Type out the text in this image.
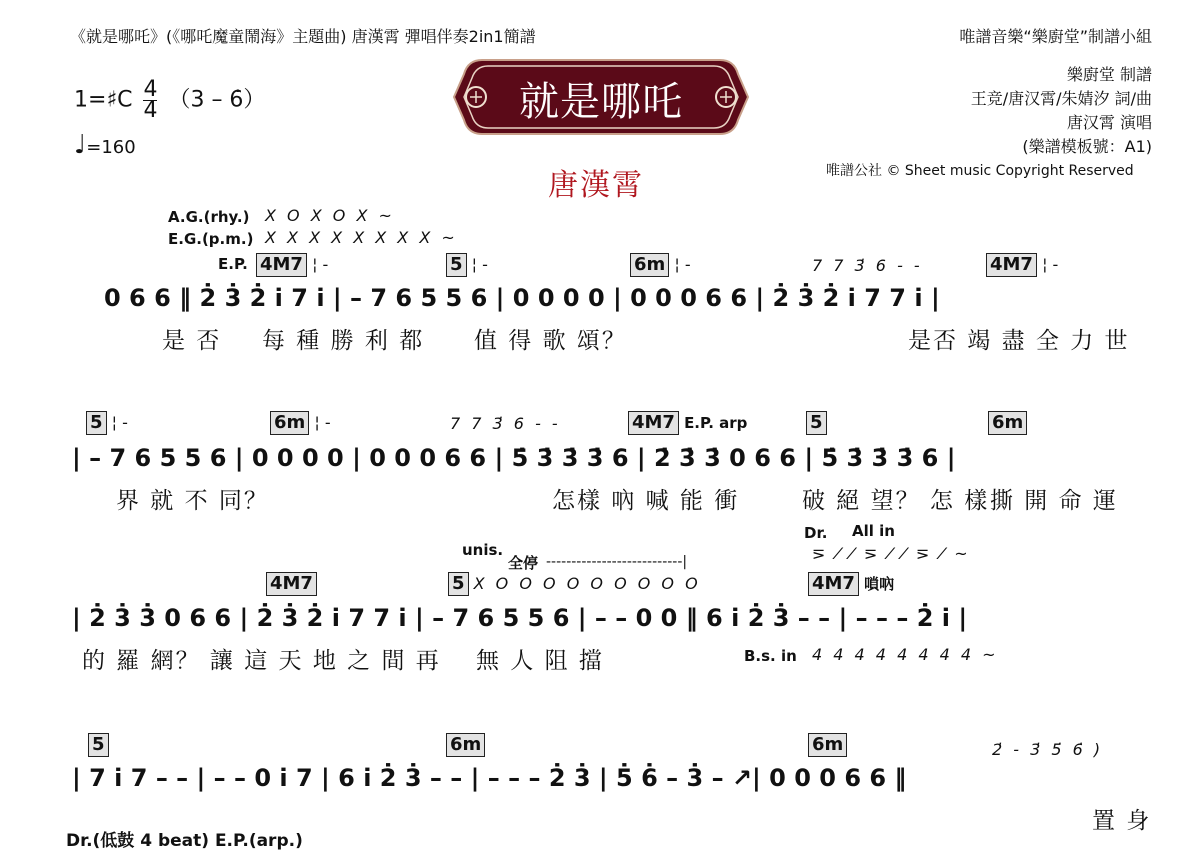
《就是哪吒》(《哪吒魔童鬧海》主題曲) 唐漢霄 彈唱伴奏2in1簡譜	唯譜音樂“樂廚堂”制譜小組
就是哪吒
樂廚堂 制譜
王竞/唐汉霄/朱婧汐 詞/曲
唐汉霄 演唱
(樂譜模板號：A1)
唯譜公社 © Sheet music Copyright Reserved
唐漢霄
1=♯C $\frac{4}{4} (3$ – 6̇）
♩=160
A.G.(rhy.) X O X O X ~
E.G.(p.m.) X X X X X X X X ~
E.P. 4M7 ¦ -	5 ¦ -	6m ¦ -	7 7 3̇ 6 - -	4M7 ¦ -
0 6 6 ‖ 2̇ 3̇ 2̇ i̇ 7 i̇ | – 7 6 5 5 6 | 0 0 0 0 | 0 0 0 6 6 | 2̇ 3̇ 2̇ i̇ 7 7 i̇ |
是 否 每 種 勝 利 都 值 得 歌 頌？	是否 竭 盡 全 力 世
5 ¦ -	6m ¦ -	7 7 3̇ 6 - -	4M7 E.P. arp	5	6m
| – 7 6 5 5 6 | 0 0 0 0 | 0 0 0 6 6 | 5̇ 3̇ 3̇ 3̇ 6 | 2̇ 3̇ 3̇ 0 6 6 | 5̇ 3̇ 3̇ 3̇ 6 |
界 就 不 同？	怎樣 吶 喊 能 衝	破 絕 望？ 怎 樣 撕 開 命 運
unis.
全停 ---------------------------|
Dr. All in
⋝ ⁄ ⁄ ⋝ ⁄ ⁄ ⋝ ⁄ ~
4M7	5 X O O O O O O O O O	4M7 嗩吶
| 2̇ 3̇ 3̇ 0 6 6 | 2̇ 3̇ 2̇ i̇ 7 7 i̇ | – 7 6 5 5 6 | – – 0 0 ‖ 6 i̇ 2̇ 3̇ – – | – – – 2̇ i̇ |
的 羅 網？ 讓 這 天 地 之 間 再 無 人 阻 擋	B.s. in 4 4 4 4 4 4 4 4 ~
5	6m	6m	2̇ - 3̇ 5̇ 6̇ )
| 7 i̇ 7 – – | – – 0 i̇ 7 | 6 i̇ 2̇ 3̇ – – | – – – 2̇ 3̇ | 5̇ 6̇ – 3̇ – ↗| 0 0 0 6 6 ‖
置 身
Dr.(低鼓 4 beat) E.P.(arp.)
